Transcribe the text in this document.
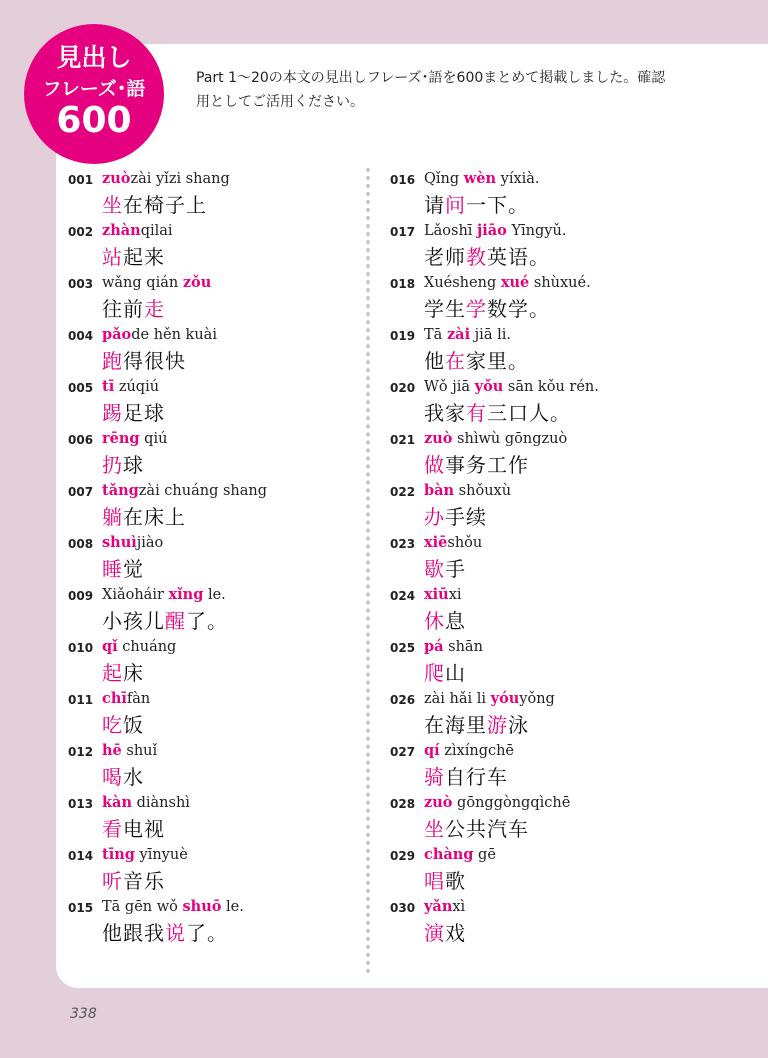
見出し
フレーズ･語
600
Part 1～20の本文の見出しフレーズ･語を600まとめて掲載しました。確認用としてご活用ください。
001 zuòzài yǐzi shang
坐在椅子上
002 zhànqilai
站起来
003 wǎng qián zǒu
往前走
004 pǎode hěn kuài
跑得很快
005 tī zúqiú
踢足球
006 rēng qiú
扔球
007 tǎngzài chuáng shang
躺在床上
008 shuìjiào
睡觉
009 Xiǎoháir xǐng le.
小孩儿醒了。
010 qǐ chuáng
起床
011 chīfàn
吃饭
012 hē shuǐ
喝水
013 kàn diànshì
看电视
014 tīng yīnyuè
听音乐
015 Tā gēn wǒ shuō le.
他跟我说了。
016 Qǐng wèn yíxià.
请问一下。
017 Lǎoshī jiāo Yīngyǔ.
老师教英语。
018 Xuésheng xué shùxué.
学生学数学。
019 Tā zài jiā li.
他在家里。
020 Wǒ jiā yǒu sān kǒu rén.
我家有三口人。
021 zuò shìwù gōngzuò
做事务工作
022 bàn shǒuxù
办手续
023 xiēshǒu
歇手
024 xiūxi
休息
025 pá shān
爬山
026 zài hǎi li yóuyǒng
在海里游泳
027 qí zìxíngchē
骑自行车
028 zuò gōnggòngqìchē
坐公共汽车
029 chàng gē
唱歌
030 yǎnxì
演戏
338
